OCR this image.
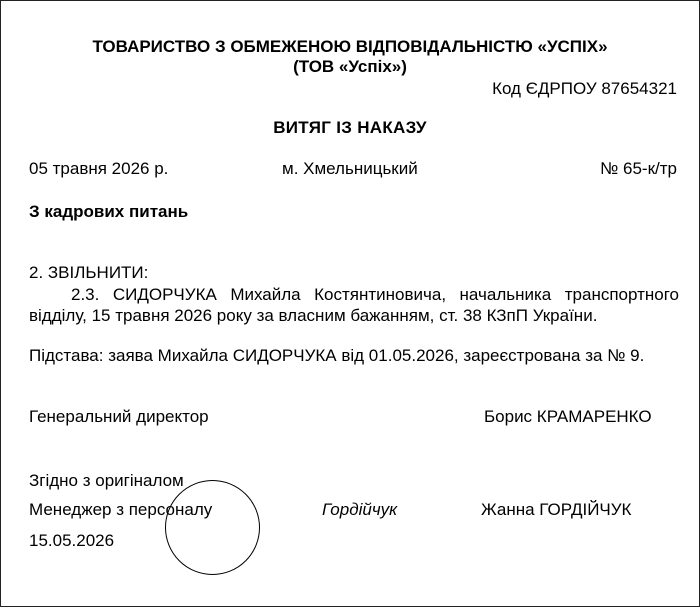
ТОВАРИСТВО З ОБМЕЖЕНОЮ ВІДПОВІДАЛЬНІСТЮ «УСПІХ»
(ТОВ «Успіх»)
Код ЄДРПОУ 87654321
ВИТЯГ ІЗ НАКАЗУ
05 травня 2026 р.	м. Хмельницький	№ 65-к/тр
З кадрових питань
2. ЗВІЛЬНИТИ:
2.3. СИДОРЧУКА Михайла Костянтиновича, начальника транспортного відділу, 15 травня 2026 року за власним бажанням, ст. 38 КЗпП України.
Підстава: заява Михайла СИДОРЧУКА від 01.05.2026, зареєстрована за № 9.
Генеральний директор	Борис КРАМАРЕНКО
Згідно з оригіналом
Менеджер з персоналу	Гордійчук	Жанна ГОРДІЙЧУК
15.05.2026
